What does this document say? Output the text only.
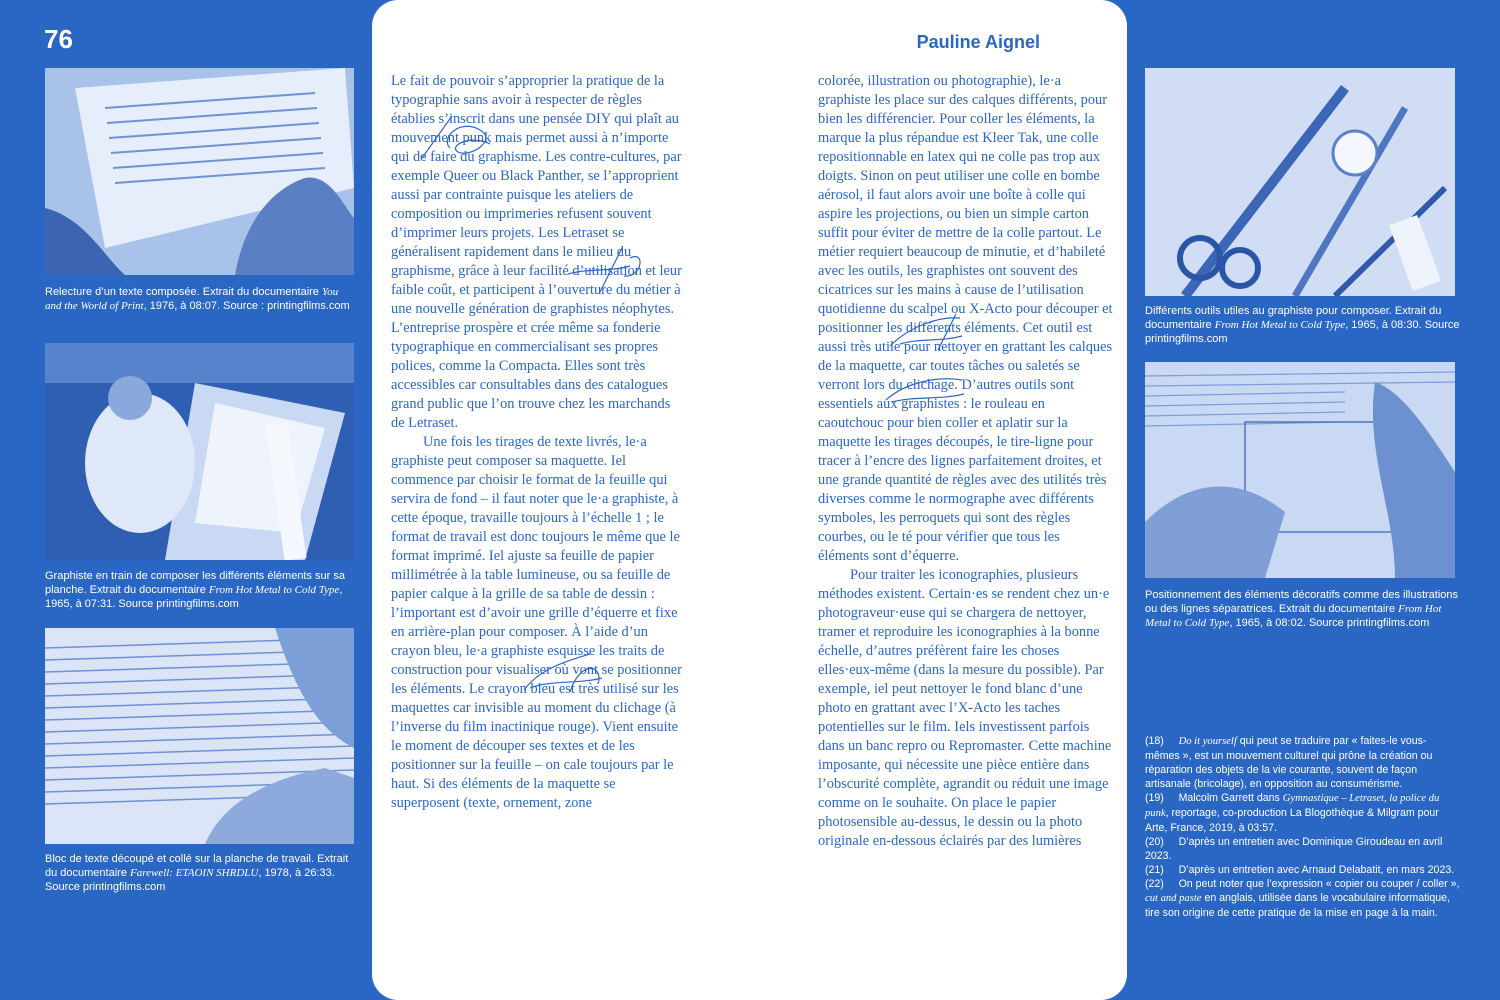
76	Pauline Aignel
Relecture d’un texte composée. Extrait du documentaire You and the World of Print, 1976, à 08:07. Source : printingfilms.com
Graphiste en train de composer les différents éléments sur sa planche. Extrait du documentaire From Hot Metal to Cold Type, 1965, à 07:31. Source printingfilms.com
Bloc de texte découpé et collé sur la planche de travail. Extrait du documentaire Farewell: ETAOIN SHRDLU, 1978, à 26:33. Source printingfilms.com

Le fait de pouvoir s’approprier la pratique de la typographie sans avoir à respecter de règles établies s’inscrit dans une pensée DIY qui plaît au mouvement punk mais permet aussi à n’importe qui de faire du graphisme. Les contre-cultures, par exemple Queer ou Black Panther, se l’approprient aussi par contrainte puisque les ateliers de composition ou imprimeries refusent souvent d’imprimer leurs projets. Les Letraset se généralisent rapidement dans le milieu du graphisme, grâce à leur facilité d’utilisation et leur faible coût, et participent à l’ouverture du métier à une nouvelle génération de graphistes néophytes. L’entreprise prospère et crée même sa fonderie typographique en commercialisant ses propres polices, comme la Compacta. Elles sont très accessibles car consultables dans des catalogues grand public que l’on trouve chez les marchands de Letraset.

Une fois les tirages de texte livrés, le·a graphiste peut composer sa maquette. Iel commence par choisir le format de la feuille qui servira de fond – il faut noter que le·a graphiste, à cette époque, travaille toujours à l’échelle 1 ; le format de travail est donc toujours le même que le format imprimé. Iel ajuste sa feuille de papier millimétrée à la table lumineuse, ou sa feuille de papier calque à la grille de sa table de dessin : l’important est d’avoir une grille d’équerre et fixe en arrière-plan pour composer. À l’aide d’un crayon bleu, le·a graphiste esquisse les traits de construction pour visualiser où vont se positionner les éléments. Le crayon bleu est très utilisé sur les maquettes car invisible au moment du clichage (à l’inverse du film inactinique rouge). Vient ensuite le moment de découper ses textes et de les positionner sur la feuille – on cale toujours par le haut. Si des éléments de la maquette se superposent (texte, ornement, zone

colorée, illustration ou photographie), le·a graphiste les place sur des calques différents, pour bien les différencier. Pour coller les éléments, la marque la plus répandue est Kleer Tak, une colle repositionnable en latex qui ne colle pas trop aux doigts. Sinon on peut utiliser une colle en bombe aérosol, il faut alors avoir une boîte à colle qui aspire les projections, ou bien un simple carton suffit pour éviter de mettre de la colle partout. Le métier requiert beaucoup de minutie, et d’habileté avec les outils, les graphistes ont souvent des cicatrices sur les mains à cause de l’utilisation quotidienne du scalpel ou X-Acto pour découper et positionner les différents éléments. Cet outil est aussi très utile pour nettoyer en grattant les calques de la maquette, car toutes tâches ou saletés se verront lors du clichage. D’autres outils sont essentiels aux graphistes : le rouleau en caoutchouc pour bien coller et aplatir sur la maquette les tirages découpés, le tire-ligne pour tracer à l’encre des lignes parfaitement droites, et une grande quantité de règles avec des utilités très diverses comme le normographe avec différents symboles, les perroquets qui sont des règles courbes, ou le té pour vérifier que tous les éléments sont d’équerre.

Pour traiter les iconographies, plusieurs méthodes existent. Certain·es se rendent chez un·e photograveur·euse qui se chargera de nettoyer, tramer et reproduire les iconographies à la bonne échelle, d’autres préfèrent faire les choses elles·eux-même (dans la mesure du possible). Par exemple, iel peut nettoyer le fond blanc d’une photo en grattant avec l’X-Acto les taches potentielles sur le film. Iels investissent parfois dans un banc repro ou Repromaster. Cette machine imposante, qui nécessite une pièce entière dans l’obscurité complète, agrandit ou réduit une image comme on le souhaite. On place le papier photosensible au-dessus, le dessin ou la photo originale en-dessous éclairés par des lumières

Différents outils utiles au graphiste pour composer. Extrait du documentaire From Hot Metal to Cold Type, 1965, à 08:30. Source printingfilms.com
Positionnement des éléments décoratifs comme des illustrations ou des lignes séparatrices. Extrait du documentaire From Hot Metal to Cold Type, 1965, à 08:02. Source printingfilms.com
(18) Do it yourself qui peut se traduire par « faites-le vous-mêmes », est un mouvement culturel qui prône la création ou réparation des objets de la vie courante, souvent de façon artisanale (bricolage), en opposition au consumérisme.
(19) Malcolm Garrett dans Gymnastique – Letraset, la police du punk, reportage, co-production La Blogothèque & Milgram pour Arte, France, 2019, à 03:57.
(20) D’après un entretien avec Dominique Giroudeau en avril 2023.
(21) D’après un entretien avec Arnaud Delabatit, en mars 2023.
(22) On peut noter que l’expression « copier ou couper / coller », cut and paste en anglais, utilisée dans le vocabulaire informatique, tire son origine de cette pratique de la mise en page à la main.
